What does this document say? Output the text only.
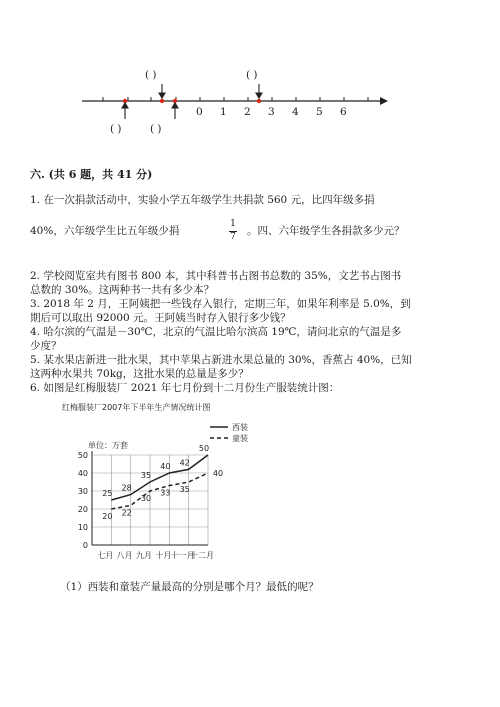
( )	( )
( )	( )
0 1 2 3 4 5 6
六. (共 6 题，共 41 分)
1. 在一次捐款活动中，实验小学五年级学生共捐款 560 元，比四年级多捐
40%，六年级学生比五年级少捐
1
7	。四、六年级学生各捐款多少元？
2. 学校阅览室共有图书 800 本，其中科普书占图书总数的 35%，文艺书占图书
总数的 30%。这两种书一共有多少本？
3. 2018 年 2 月，王阿姨把一些钱存入银行，定期三年，如果年利率是 5.0%，到
期后可以取出 92000 元。王阿姨当时存入银行多少钱？
4. 哈尔滨的气温是－30℃，北京的气温比哈尔滨高 19℃，请问北京的气温是多
少度？
5. 某水果店新进一批水果，其中苹果占新进水果总量的 30%，香蕉占 40%，已知
这两种水果共 70kg，这批水果的总量是多少？
6. 如图是红梅服装厂 2021 年七月份到十二月份生产服装统计图：
红梅服装厂2007年下半年生产情况统计图
单位：万套
0
10
20
30
40
50
七月 八月 九月 十月 十一月
十二月
25
28
35
40 42
50
20 22
30
33 35
40
西装
童装
（1）西装和童装产量最高的分别是哪个月？最低的呢？
